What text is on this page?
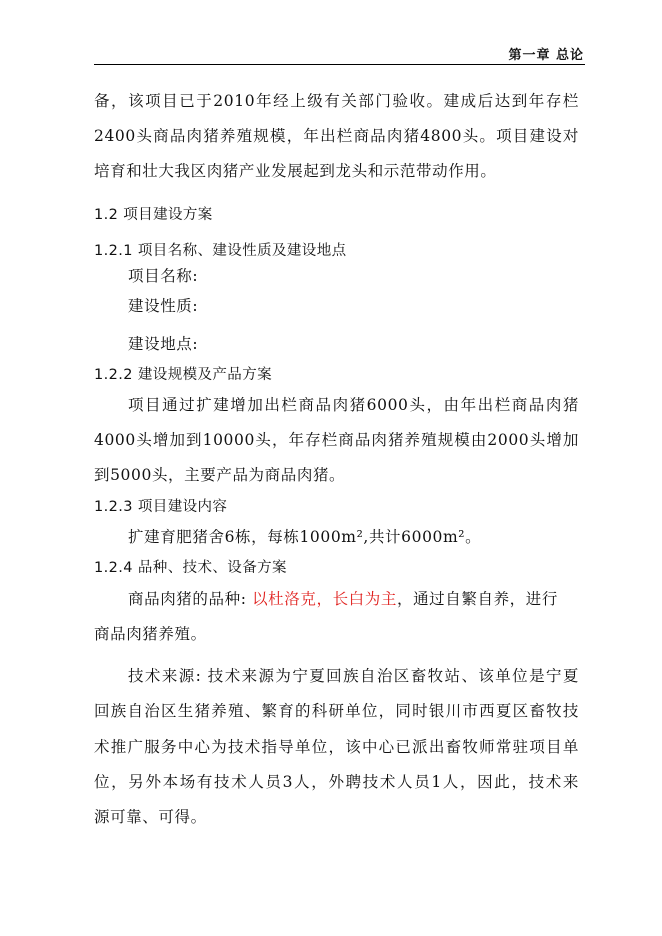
第一章 总论
备，该项目已于2010年经上级有关部门验收。建成后达到年存栏
2400头商品肉猪养殖规模，年出栏商品肉猪4800头。项目建设对
培育和壮大我区肉猪产业发展起到龙头和示范带动作用。
1.2 项目建设方案
1.2.1 项目名称、建设性质及建设地点
项目名称:
建设性质:
建设地点:
1.2.2 建设规模及产品方案
项目通过扩建增加出栏商品肉猪6000头，由年出栏商品肉猪
4000头增加到10000头，年存栏商品肉猪养殖规模由2000头增加
到5000头，主要产品为商品肉猪。
1.2.3 项目建设内容
扩建育肥猪舍6栋，每栋1000m²,共计6000m²。
1.2.4 品种、技术、设备方案
商品肉猪的品种: 以杜洛克，长白为主，通过自繁自养，进行
商品肉猪养殖。
技术来源: 技术来源为宁夏回族自治区畜牧站、该单位是宁夏
回族自治区生猪养殖、繁育的科研单位，同时银川市西夏区畜牧技
术推广服务中心为技术指导单位，该中心已派出畜牧师常驻项目单
位，另外本场有技术人员3人，外聘技术人员1人，因此，技术来
源可靠、可得。
